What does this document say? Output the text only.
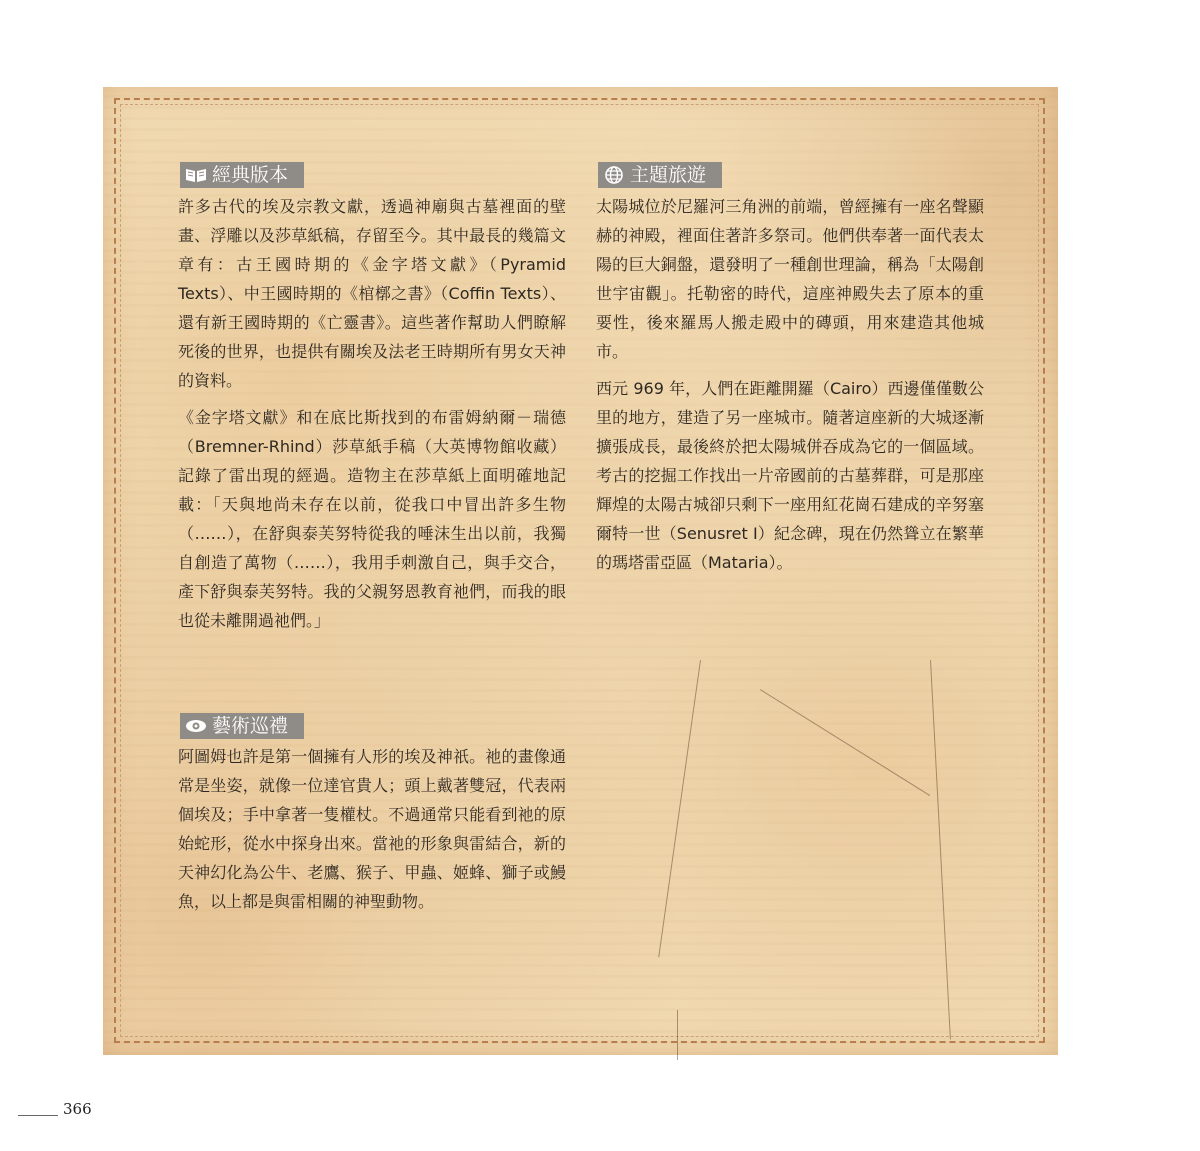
經典版本

許多古代的埃及宗教文獻，透過神廟與古墓裡面的壁畫、浮雕以及莎草紙稿，存留至今。其中最長的幾篇文章有：古王國時期的《金字塔文獻》（Pyramid Texts）、中王國時期的《棺槨之書》（Coffin Texts）、還有新王國時期的《亡靈書》。這些著作幫助人們瞭解死後的世界，也提供有關埃及法老王時期所有男女天神的資料。

《金字塔文獻》和在底比斯找到的布雷姆納爾－瑞德（Bremner-Rhind）莎草紙手稿（大英博物館收藏）記錄了雷出現的經過。造物主在莎草紙上面明確地記載：「天與地尚未存在以前，從我口中冒出許多生物（……），在舒與泰芙努特從我的唾沫生出以前，我獨自創造了萬物（……），我用手刺激自己，與手交合，產下舒與泰芙努特。我的父親努恩教育祂們，而我的眼也從未離開過祂們。」

藝術巡禮

阿圖姆也許是第一個擁有人形的埃及神祇。祂的畫像通常是坐姿，就像一位達官貴人；頭上戴著雙冠，代表兩個埃及；手中拿著一隻權杖。不過通常只能看到祂的原始蛇形，從水中探身出來。當祂的形象與雷結合，新的天神幻化為公牛、老鷹、猴子、甲蟲、姬蜂、獅子或鰻魚，以上都是與雷相關的神聖動物。

主題旅遊

太陽城位於尼羅河三角洲的前端，曾經擁有一座名聲顯赫的神殿，裡面住著許多祭司。他們供奉著一面代表太陽的巨大銅盤，還發明了一種創世理論，稱為「太陽創世宇宙觀」。托勒密的時代，這座神殿失去了原本的重要性，後來羅馬人搬走殿中的磚頭，用來建造其他城市。

西元 969 年，人們在距離開羅（Cairo）西邊僅僅數公里的地方，建造了另一座城市。隨著這座新的大城逐漸擴張成長，最後終於把太陽城併吞成為它的一個區域。考古的挖掘工作找出一片帝國前的古墓葬群，可是那座輝煌的太陽古城卻只剩下一座用紅花崗石建成的辛努塞爾特一世（Senusret I）紀念碑，現在仍然聳立在繁華的瑪塔雷亞區（Mataria）。

366
